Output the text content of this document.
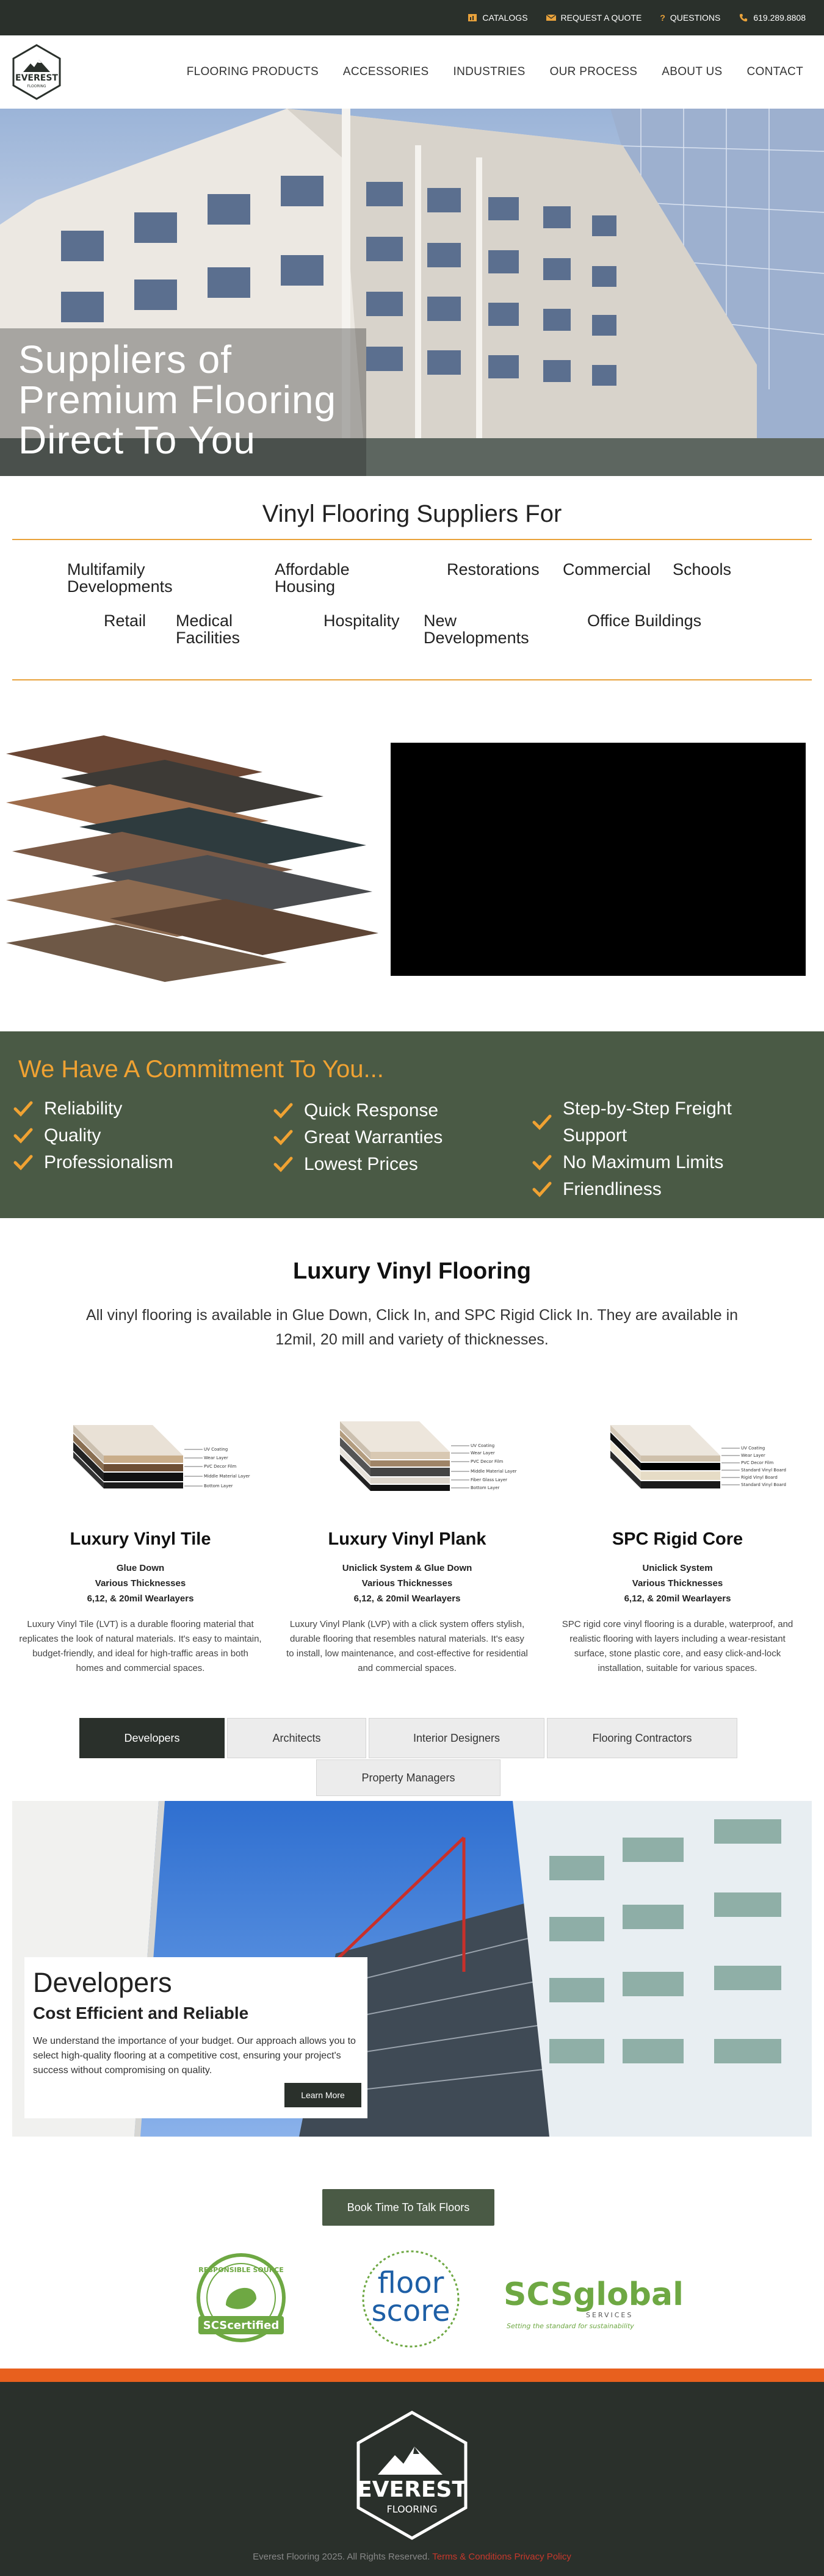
CATALOGS	REQUEST A QUOTE ? QUESTIONS	619.289.8808
EVEREST
FLOORING
FLOORING PRODUCTS ACCESSORIES INDUSTRIES OUR PROCESS ABOUT US CONTACT
Suppliers of Premium Flooring Direct To You
Vinyl Flooring Suppliers For
Multifamily Developments
Affordable Housing
Restorations Commercial Schools
Retail Medical Facilities
Hospitality New Developments
Office Buildings
We Have A Commitment To You...
Reliability
Quality
Professionalism
Quick Response
Great Warranties
Lowest Prices
Step-by-Step Freight Support
No Maximum Limits
Friendliness
Luxury Vinyl Flooring

All vinyl flooring is available in Glue Down, Click In, and SPC Rigid Click In. They are available in 12mil, 20 mill and variety of thicknesses.

UV Coating
Wear Layer
PVC Decor Film
Middle Material Layer
Bottom Layer
Luxury Vinyl Tile
Glue Down
Various Thicknesses
6,12, & 20mil Wearlayers
Luxury Vinyl Tile (LVT) is a durable flooring material that replicates the look of natural materials. It's easy to maintain, budget-friendly, and ideal for high-traffic areas in both homes and commercial spaces.
UV Coating
Wear Layer
PVC Decor Film
Middle Material Layer
Fiber Glass Layer
Bottom Layer
Luxury Vinyl Plank
Uniclick System & Glue Down
Various Thicknesses
6,12, & 20mil Wearlayers
Luxury Vinyl Plank (LVP) with a click system offers stylish, durable flooring that resembles natural materials. It's easy to install, low maintenance, and cost-effective for residential and commercial spaces.
UV Coating
Wear Layer
PVC Decor Film
Standard Vinyl Board
Rigid Vinyl Board
Standard Vinyl Board
SPC Rigid Core
Uniclick System
Various Thicknesses
6,12, & 20mil Wearlayers
SPC rigid core vinyl flooring is a durable, waterproof, and realistic flooring with layers including a wear-resistant surface, stone plastic core, and easy click-and-lock installation, suitable for various spaces.
Developers	Architects	Interior Designers	Flooring Contractors
Property Managers
Developers
Cost Efficient and Reliable

We understand the importance of your budget. Our approach allows you to select high-quality flooring at a competitive cost, ensuring your project's success without compromising on quality.

Learn More
Book Time To Talk Floors
RESPONSIBLE SOURCE
SCScertified
floor
score SCSglobal
SERVICES
Setting the standard for sustainability
EVEREST
FLOORING
Everest Flooring 2025. All Rights Reserved. Terms & Conditions Privacy Policy
